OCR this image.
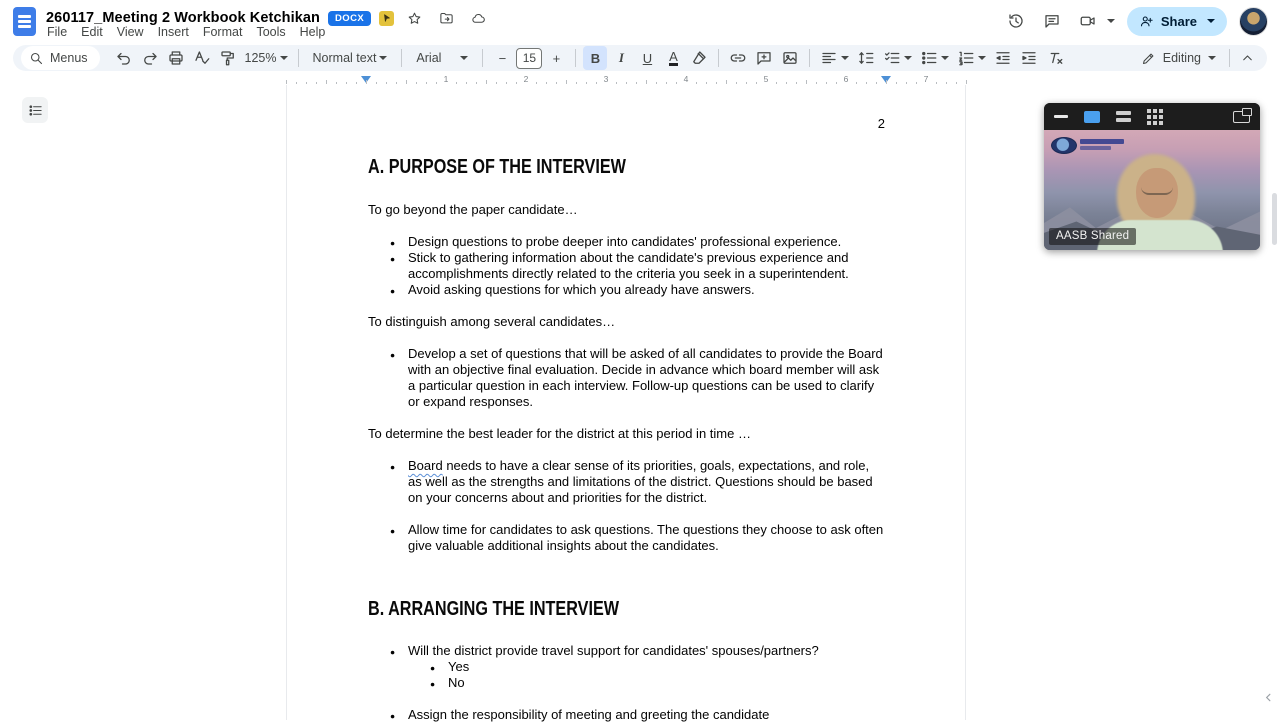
260117_Meeting 2 Workbook Ketchikan	DOCX
File	Edit	View	Insert	Format	Tools	Help
Share
Menus	125%	Normal text	Arial	−
15	+ B I U A	Editing
1	2	3	4	5	6	7
2
A. PURPOSE OF THE INTERVIEW

To go beyond the paper candidate…

● Design questions to probe deeper into candidates' professional experience.
● Stick to gathering information about the candidate's previous experience and accomplishments directly related to the criteria you seek in a superintendent.
● Avoid asking questions for which you already have answers.

To distinguish among several candidates…

● Develop a set of questions that will be asked of all candidates to provide the Board with an objective final evaluation. Decide in advance which board member will ask a particular question in each interview. Follow-up questions can be used to clarify or expand responses.

To determine the best leader for the district at this period in time …

● Board needs to have a clear sense of its priorities, goals, expectations, and role, as well as the strengths and limitations of the district. Questions should be based on your concerns about and priorities for the district.
● Allow time for candidates to ask questions. The questions they choose to ask often give valuable additional insights about the candidates.
B. ARRANGING THE INTERVIEW
● Will the district provide travel support for candidates' spouses/partners?
● Yes
● No
● Assign the responsibility of meeting and greeting the candidate
AASB Shared
